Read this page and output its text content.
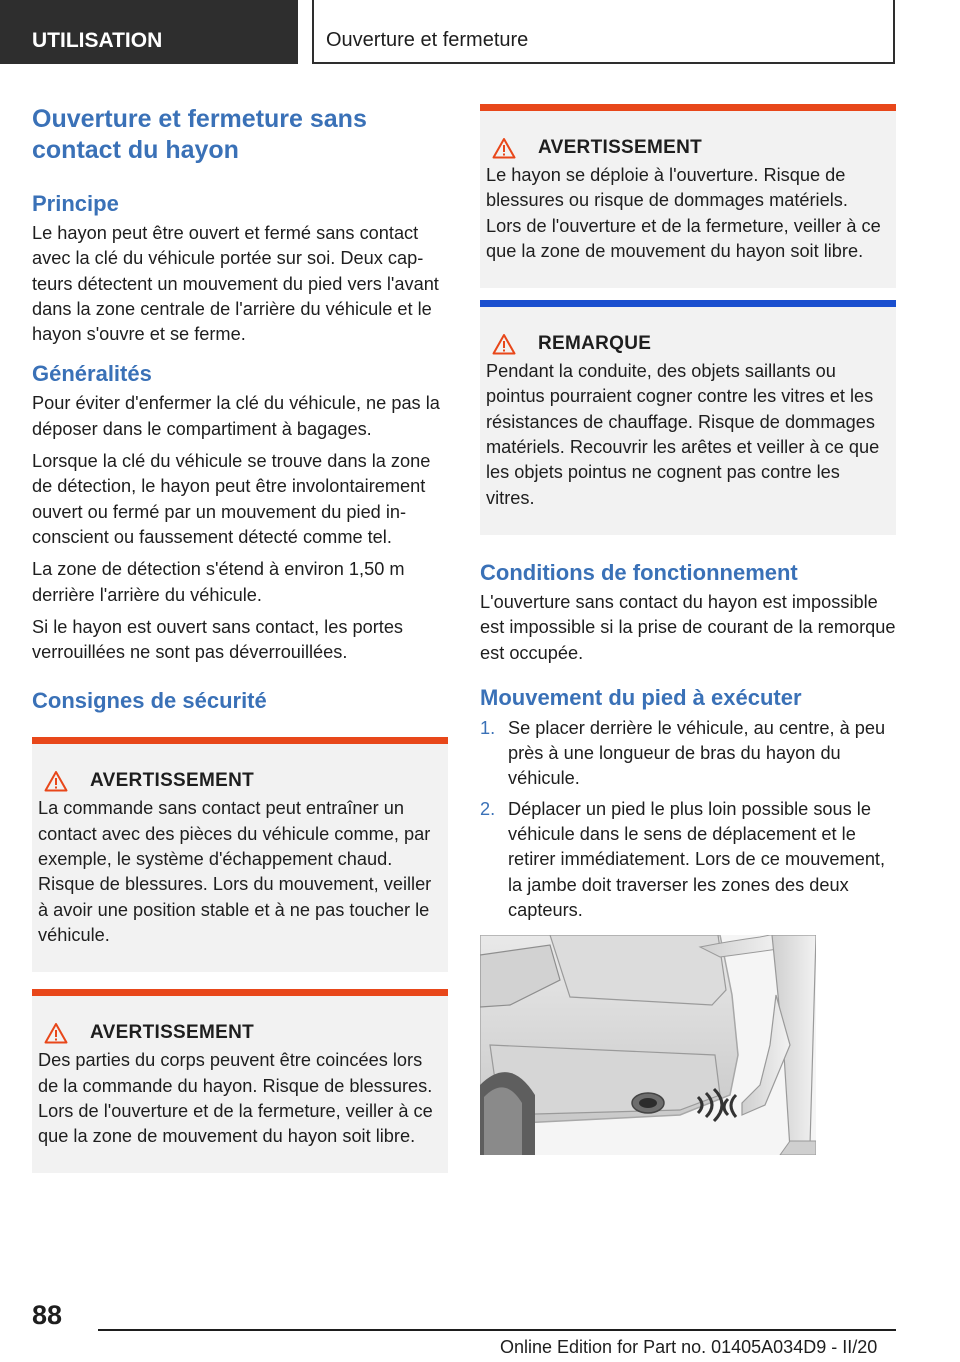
UTILISATION	Ouverture et fermeture
Ouverture et fermeture sans contact du hayon
Principe

Le hayon peut être ouvert et fermé sans contact avec la clé du véhicule portée sur soi. Deux capteurs détectent un mouvement du pied vers l'avant dans la zone centrale de l'arrière du véhicule et le hayon s'ouvre et se ferme.

Généralités

Pour éviter d'enfermer la clé du véhicule, ne pas la déposer dans le compartiment à bagages.

Lorsque la clé du véhicule se trouve dans la zone de détection, le hayon peut être involontairement ouvert ou fermé par un mouvement du pied inconscient ou faussement détecté comme tel.

La zone de détection s'étend à environ 1,50 m derrière l'arrière du véhicule.

Si le hayon est ouvert sans contact, les portes verrouillées ne sont pas déverrouillées.

Consignes de sécurité
AVERTISSEMENT

La commande sans contact peut entraîner un contact avec des pièces du véhicule comme, par exemple, le système d'échappement chaud. Risque de blessures. Lors du mouvement, veiller à avoir une position stable et à ne pas toucher le véhicule.

AVERTISSEMENT

Des parties du corps peuvent être coincées lors de la commande du hayon. Risque de blessures. Lors de l'ouverture et de la fermeture, veiller à ce que la zone de mouvement du hayon soit libre.

AVERTISSEMENT

Le hayon se déploie à l'ouverture. Risque de blessures ou risque de dommages matériels. Lors de l'ouverture et de la fermeture, veiller à ce que la zone de mouvement du hayon soit libre.

REMARQUE

Pendant la conduite, des objets saillants ou pointus pourraient cogner contre les vitres et les résistances de chauffage. Risque de dommages matériels. Recouvrir les arêtes et veiller à ce que les objets pointus ne cognent pas contre les vitres.

Conditions de fonctionnement

L'ouverture sans contact du hayon est impossible est impossible si la prise de courant de la remorque est occupée.

Mouvement du pied à exécuter
1. Se placer derrière le véhicule, au centre, à peu près à une longueur de bras du hayon du véhicule.
2. Déplacer un pied le plus loin possible sous le véhicule dans le sens de déplacement et le retirer immédiatement. Lors de ce mouvement, la jambe doit traverser les zones des deux capteurs.
88
Online Edition for Part no. 01405A034D9 - II/20
